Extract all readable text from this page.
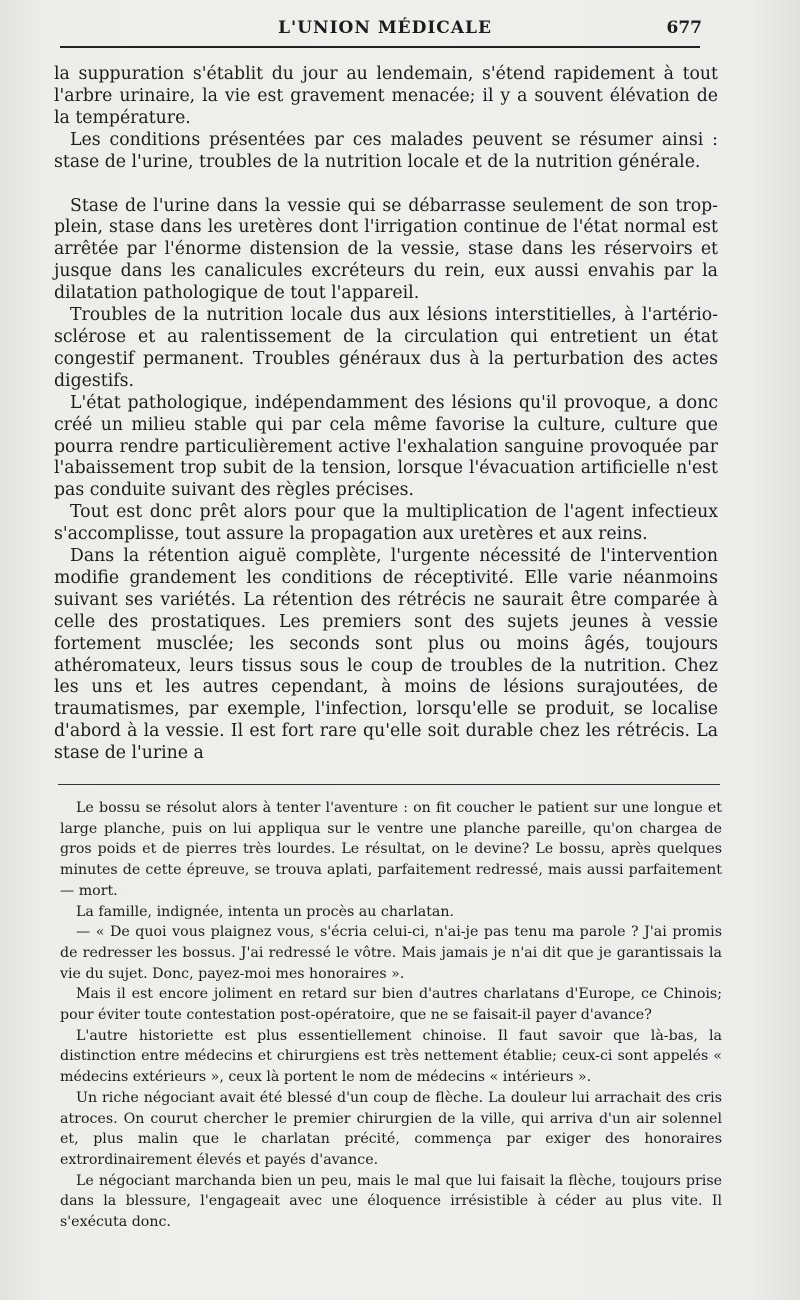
L'UNION MÉDICALE	677

la suppuration s'établit du jour au lendemain, s'étend rapidement à tout l'arbre urinaire, la vie est gravement menacée; il y a souvent élévation de la température.

Les conditions présentées par ces malades peuvent se résumer ainsi : stase de l'urine, troubles de la nutrition locale et de la nutrition générale.

Stase de l'urine dans la vessie qui se débarrasse seulement de son trop-plein, stase dans les uretères dont l'irrigation continue de l'état normal est arrêtée par l'énorme distension de la vessie, stase dans les réservoirs et jusque dans les canalicules excréteurs du rein, eux aussi envahis par la dilatation pathologique de tout l'appareil.

Troubles de la nutrition locale dus aux lésions interstitielles, à l'artério-sclérose et au ralentissement de la circulation qui entretient un état congestif permanent. Troubles généraux dus à la perturbation des actes digestifs.

L'état pathologique, indépendamment des lésions qu'il provoque, a donc créé un milieu stable qui par cela même favorise la culture, culture que pourra rendre particulièrement active l'exhalation sanguine provoquée par l'abaissement trop subit de la tension, lorsque l'évacuation artificielle n'est pas conduite suivant des règles précises.

Tout est donc prêt alors pour que la multiplication de l'agent infectieux s'accomplisse, tout assure la propagation aux uretères et aux reins.

Dans la rétention aiguë complète, l'urgente nécessité de l'intervention modifie grandement les conditions de réceptivité. Elle varie néanmoins suivant ses variétés. La rétention des rétrécis ne saurait être comparée à celle des prostatiques. Les premiers sont des sujets jeunes à vessie fortement musclée; les seconds sont plus ou moins âgés, toujours athéromateux, leurs tissus sous le coup de troubles de la nutrition. Chez les uns et les autres cependant, à moins de lésions surajoutées, de traumatismes, par exemple, l'infection, lorsqu'elle se produit, se localise d'abord à la vessie. Il est fort rare qu'elle soit durable chez les rétrécis. La stase de l'urine a

Le bossu se résolut alors à tenter l'aventure : on fit coucher le patient sur une longue et large planche, puis on lui appliqua sur le ventre une planche pareille, qu'on chargea de gros poids et de pierres très lourdes. Le résultat, on le devine? Le bossu, après quelques minutes de cette épreuve, se trouva aplati, parfaitement redressé, mais aussi parfaitement — mort.

La famille, indignée, intenta un procès au charlatan.

— « De quoi vous plaignez vous, s'écria celui-ci, n'ai-je pas tenu ma parole ? J'ai promis de redresser les bossus. J'ai redressé le vôtre. Mais jamais je n'ai dit que je garantissais la vie du sujet. Donc, payez-moi mes honoraires ».

Mais il est encore joliment en retard sur bien d'autres charlatans d'Europe, ce Chinois; pour éviter toute contestation post-opératoire, que ne se faisait-il payer d'avance?

L'autre historiette est plus essentiellement chinoise. Il faut savoir que là-bas, la distinction entre médecins et chirurgiens est très nettement établie; ceux-ci sont appelés « médecins extérieurs », ceux là portent le nom de médecins « intérieurs ».

Un riche négociant avait été blessé d'un coup de flèche. La douleur lui arrachait des cris atroces. On courut chercher le premier chirurgien de la ville, qui arriva d'un air solennel et, plus malin que le charlatan précité, commença par exiger des honoraires extrordinairement élevés et payés d'avance.

Le négociant marchanda bien un peu, mais le mal que lui faisait la flèche, toujours prise dans la blessure, l'engageait avec une éloquence irrésistible à céder au plus vite. Il s'exécuta donc.
